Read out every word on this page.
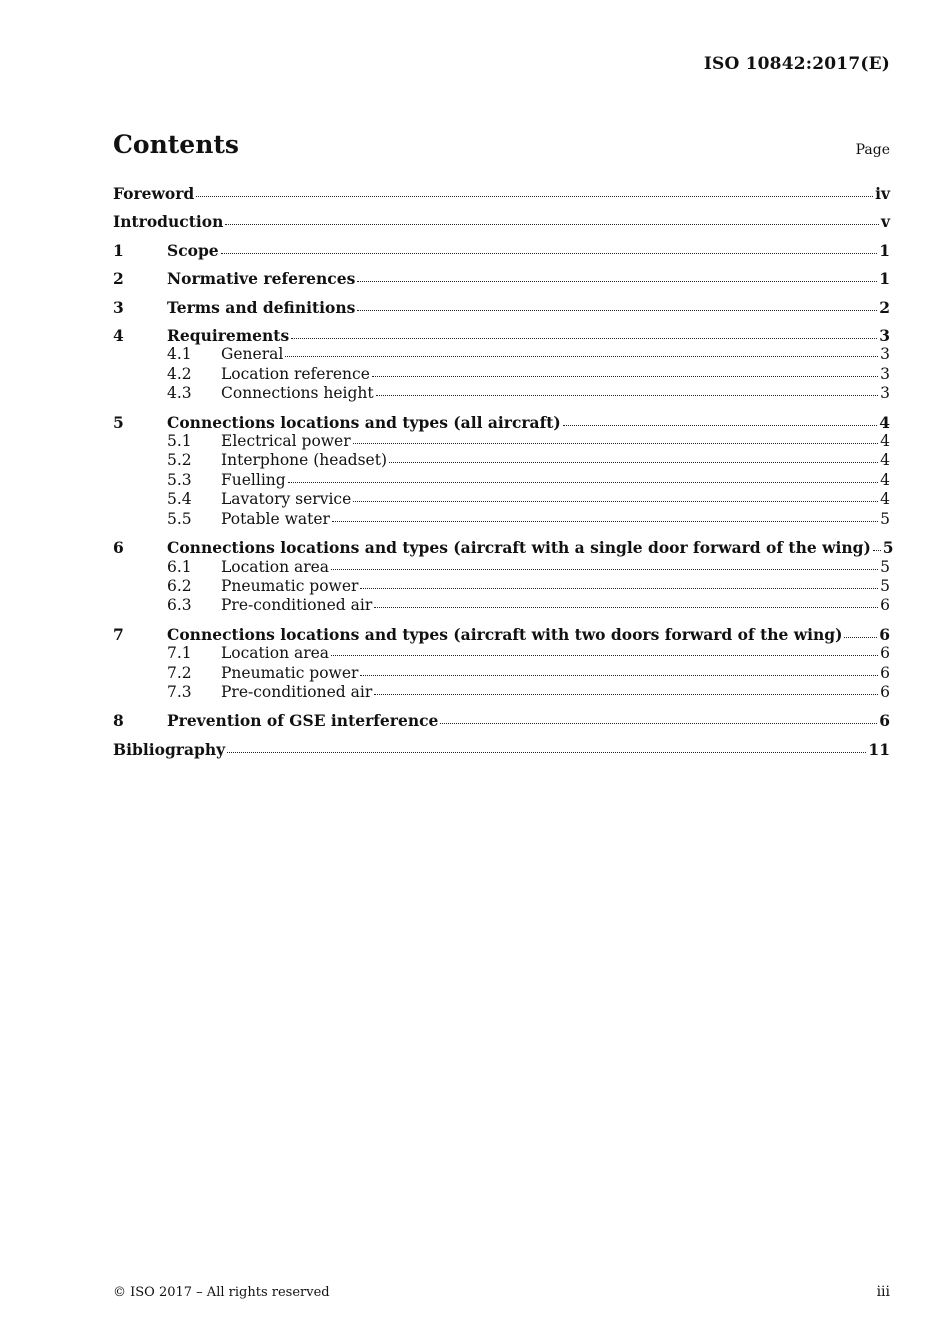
ISO 10842:2017(E)
Contents	Page
Foreword	iv
Introduction	v
1	Scope	1
2	Normative references	1
3	Terms and definitions	2
4	Requirements	3
4.1	General	3
4.2	Location reference	3
4.3	Connections height	3
5	Connections locations and types (all aircraft)	4
5.1	Electrical power	4
5.2	Interphone (headset)	4
5.3	Fuelling	4
5.4	Lavatory service	4
5.5	Potable water	5
6	Connections locations and types (aircraft with a single door forward of the wing) 5
6.1	Location area	5
6.2	Pneumatic power	5
6.3	Pre-conditioned air	6
7	Connections locations and types (aircraft with two doors forward of the wing) 6
7.1	Location area	6
7.2	Pneumatic power	6
7.3	Pre-conditioned air	6
8	Prevention of GSE interference	6
Bibliography	11
© ISO 2017 – All rights reserved	iii
